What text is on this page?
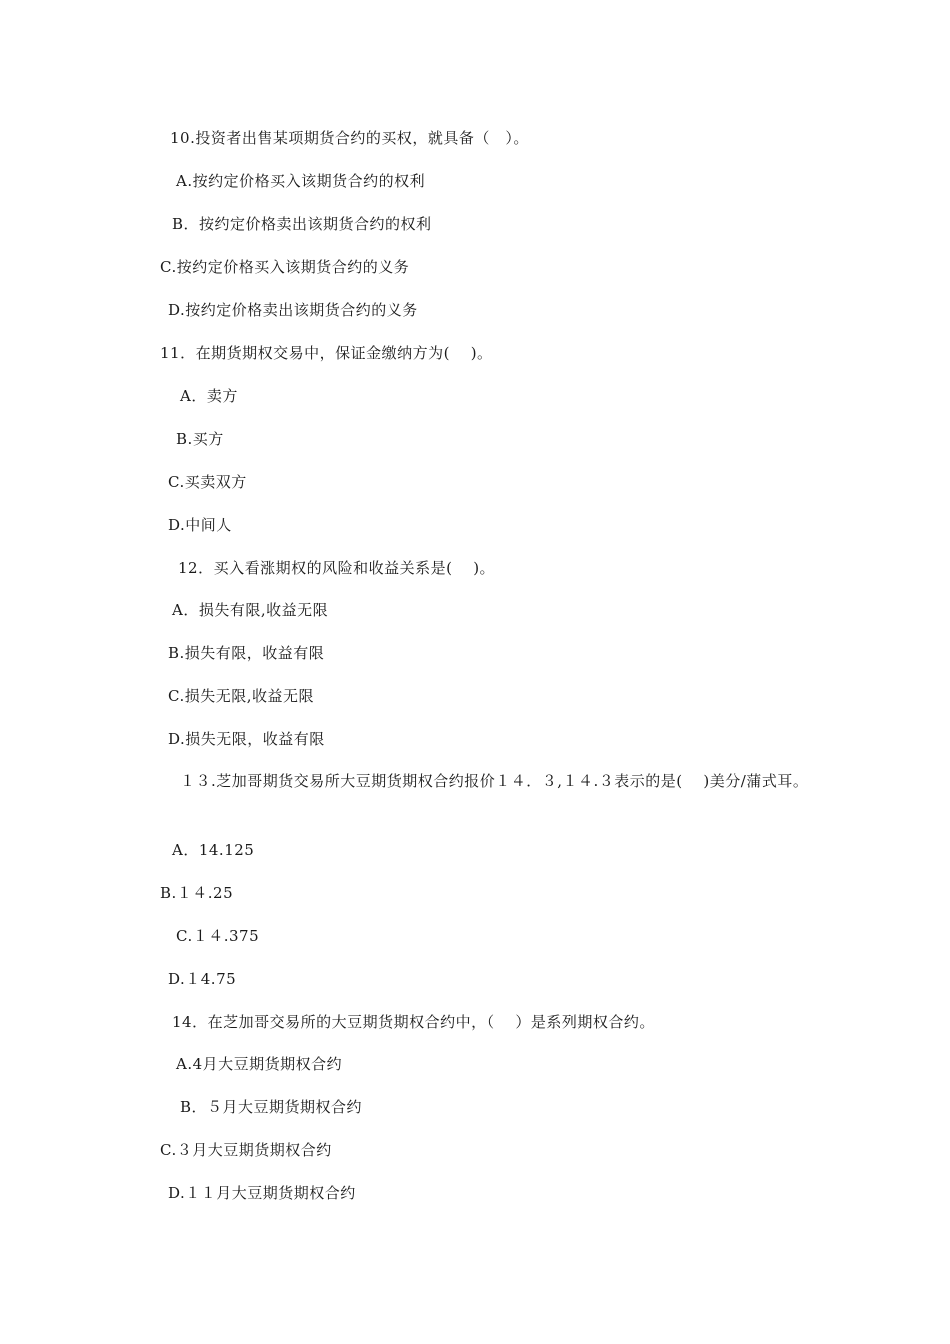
10.投资者出售某项期货合约的买权，就具备（　）。
A.按约定价格买入该期货合约的权利
B．按约定价格卖出该期货合约的权利
C.按约定价格买入该期货合约的义务
D.按约定价格卖出该期货合约的义务
11．在期货期权交易中，保证金缴纳方为(　 )。
A．卖方
B.买方
C.买卖双方
D.中间人
12．买入看涨期权的风险和收益关系是(　 )。
A．损失有限,收益无限
B.损失有限，收益有限
C.损失无限,收益无限
D.损失无限，收益有限
１３.芝加哥期货交易所大豆期货期权合约报价１４．３,１４.３表示的是(　 )美分/蒲式耳。
A．14.125
B.１４.25
C.１４.375
D.１4.75
14．在芝加哥交易所的大豆期货期权合约中，（　 ）是系列期权合约。
A.4月大豆期货期权合约
B．５月大豆期货期权合约
C.３月大豆期货期权合约
D.１１月大豆期货期权合约
